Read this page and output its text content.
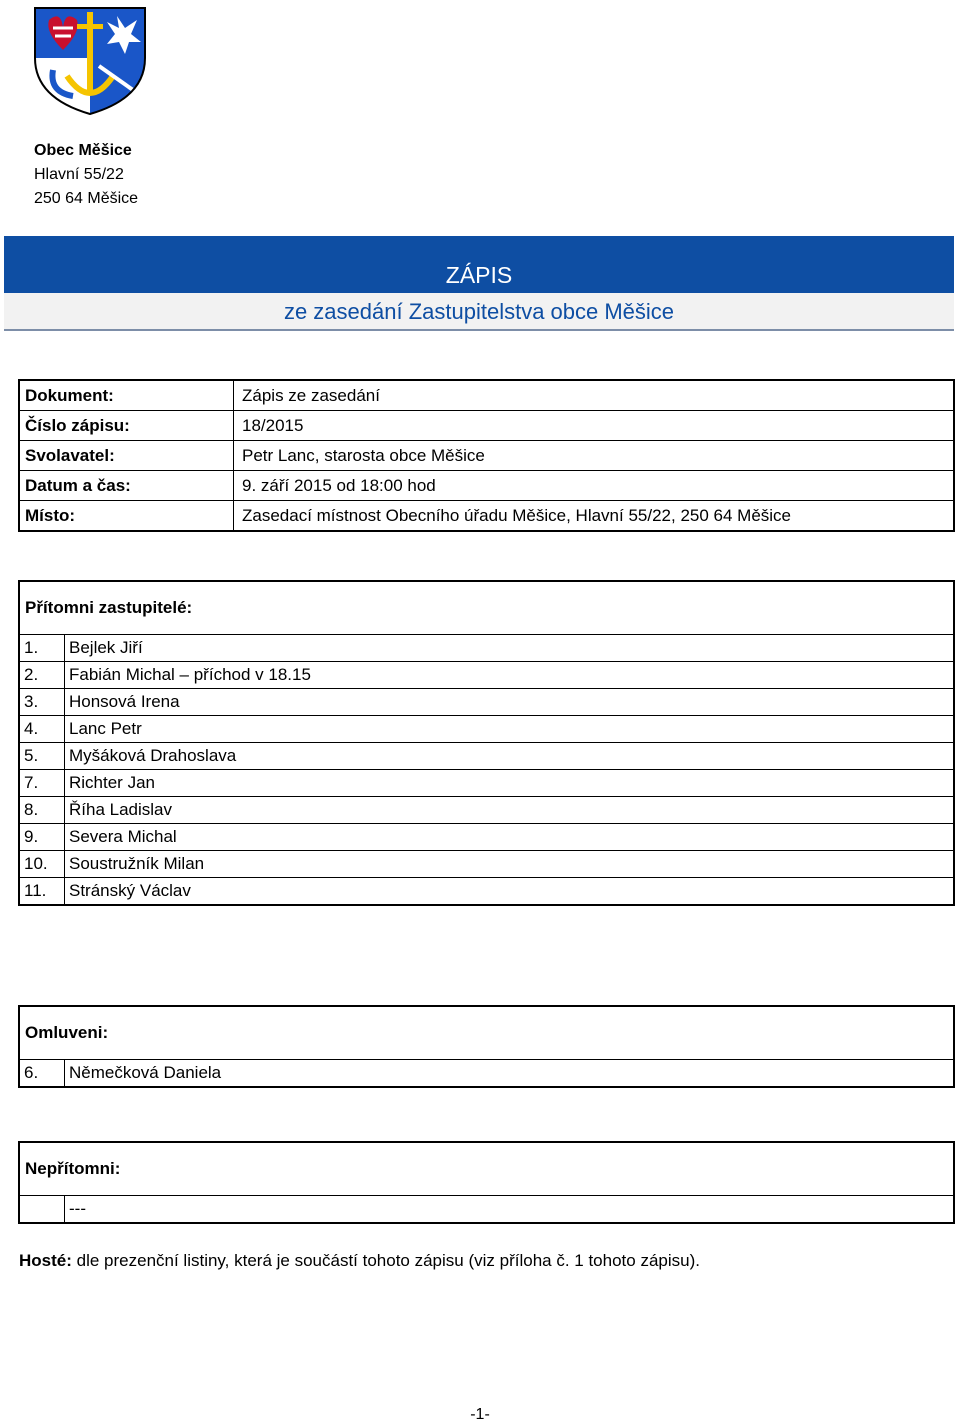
Obec Měšice
Hlavní 55/22
250 64 Měšice
ZÁPIS
ze zasedání Zastupitelstva obce Měšice
Dokument:	Zápis ze zasedání
Číslo zápisu:	18/2015
Svolavatel:	Petr Lanc, starosta obce Měšice
Datum a čas:	9. září 2015 od 18:00 hod
Místo:	Zasedací místnost Obecního úřadu Měšice, Hlavní 55/22, 250 64 Měšice
Přítomni zastupitelé:	
1.	Bejlek Jiří
2.	Fabián Michal – příchod v 18.15
3.	Honsová Irena
4.	Lanc Petr
5.	Myšáková Drahoslava
7.	Richter Jan
8.	Říha Ladislav
9.	Severa Michal
10.	Soustružník Milan
11.	Stránský Václav
Omluveni:
6.	Němečková Daniela
Nepřítomni:
	---
Hosté: dle prezenční listiny, která je součástí tohoto zápisu (viz příloha č. 1 tohoto zápisu).
-1-
